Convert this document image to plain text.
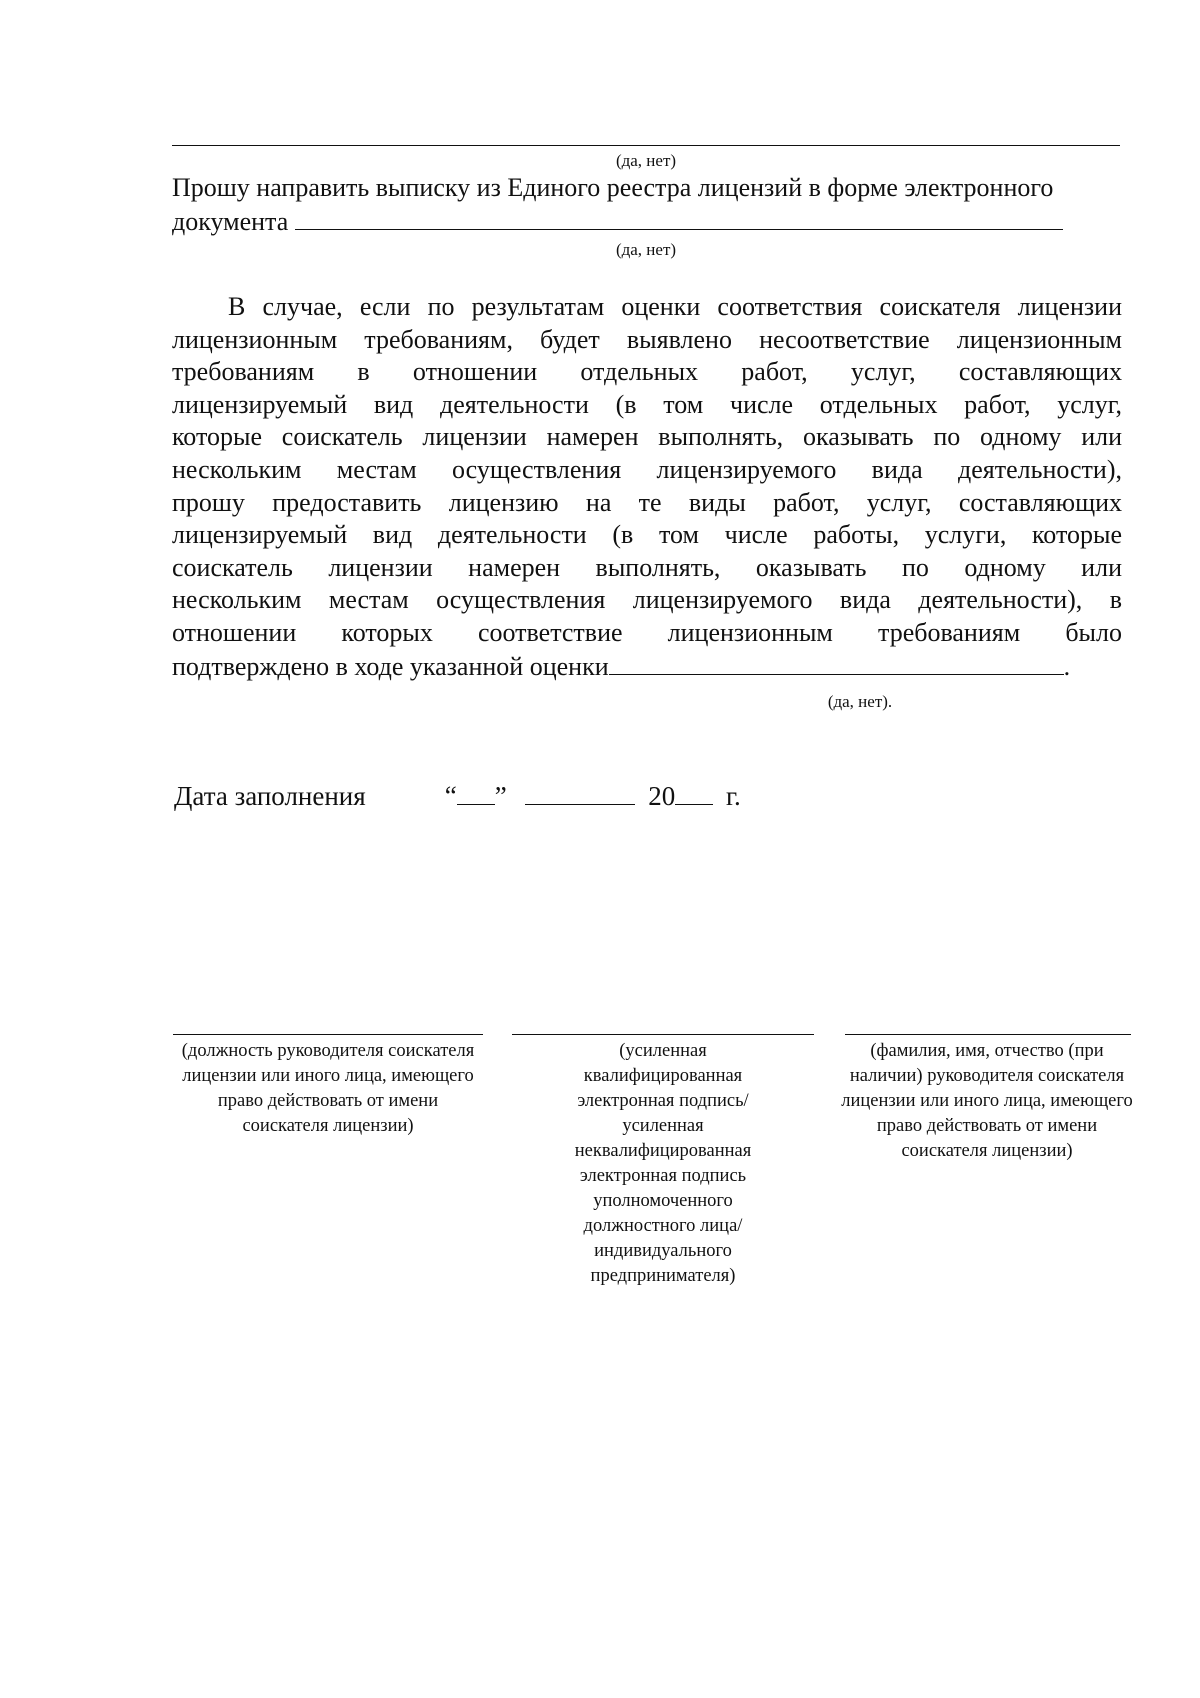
(да, нет)
Прошу направить выписку из Единого реестра лицензий в форме электронного
документа
(да, нет)
В случае, если по результатам оценки соответствия соискателя лицензии
лицензионным требованиям, будет выявлено несоответствие лицензионным
требованиям в отношении отдельных работ, услуг, составляющих
лицензируемый вид деятельности (в том числе отдельных работ, услуг,
которые соискатель лицензии намерен выполнять, оказывать по одному или
нескольким местам осуществления лицензируемого вида деятельности),
прошу предоставить лицензию на те виды работ, услуг, составляющих
лицензируемый вид деятельности (в том числе работы, услуги, которые
соискатель лицензии намерен выполнять, оказывать по одному или
нескольким местам осуществления лицензируемого вида деятельности), в
отношении которых соответствие лицензионным требованиям было
подтверждено в ходе указанной оценки	.
(да, нет).
Дата заполнения	“ ”	20 г.
(должность руководителя соискателя лицензии или иного лица, имеющего право действовать от имени соискателя лицензии)
(усиленная квалифицированная электронная подпись/ усиленная неквалифицированная электронная подпись уполномоченного должностного лица/индивидуального предпринимателя)
(фамилия, имя, отчество (при наличии) руководителя соискателя лицензии или иного лица, имеющего право действовать от имени соискателя лицензии)
